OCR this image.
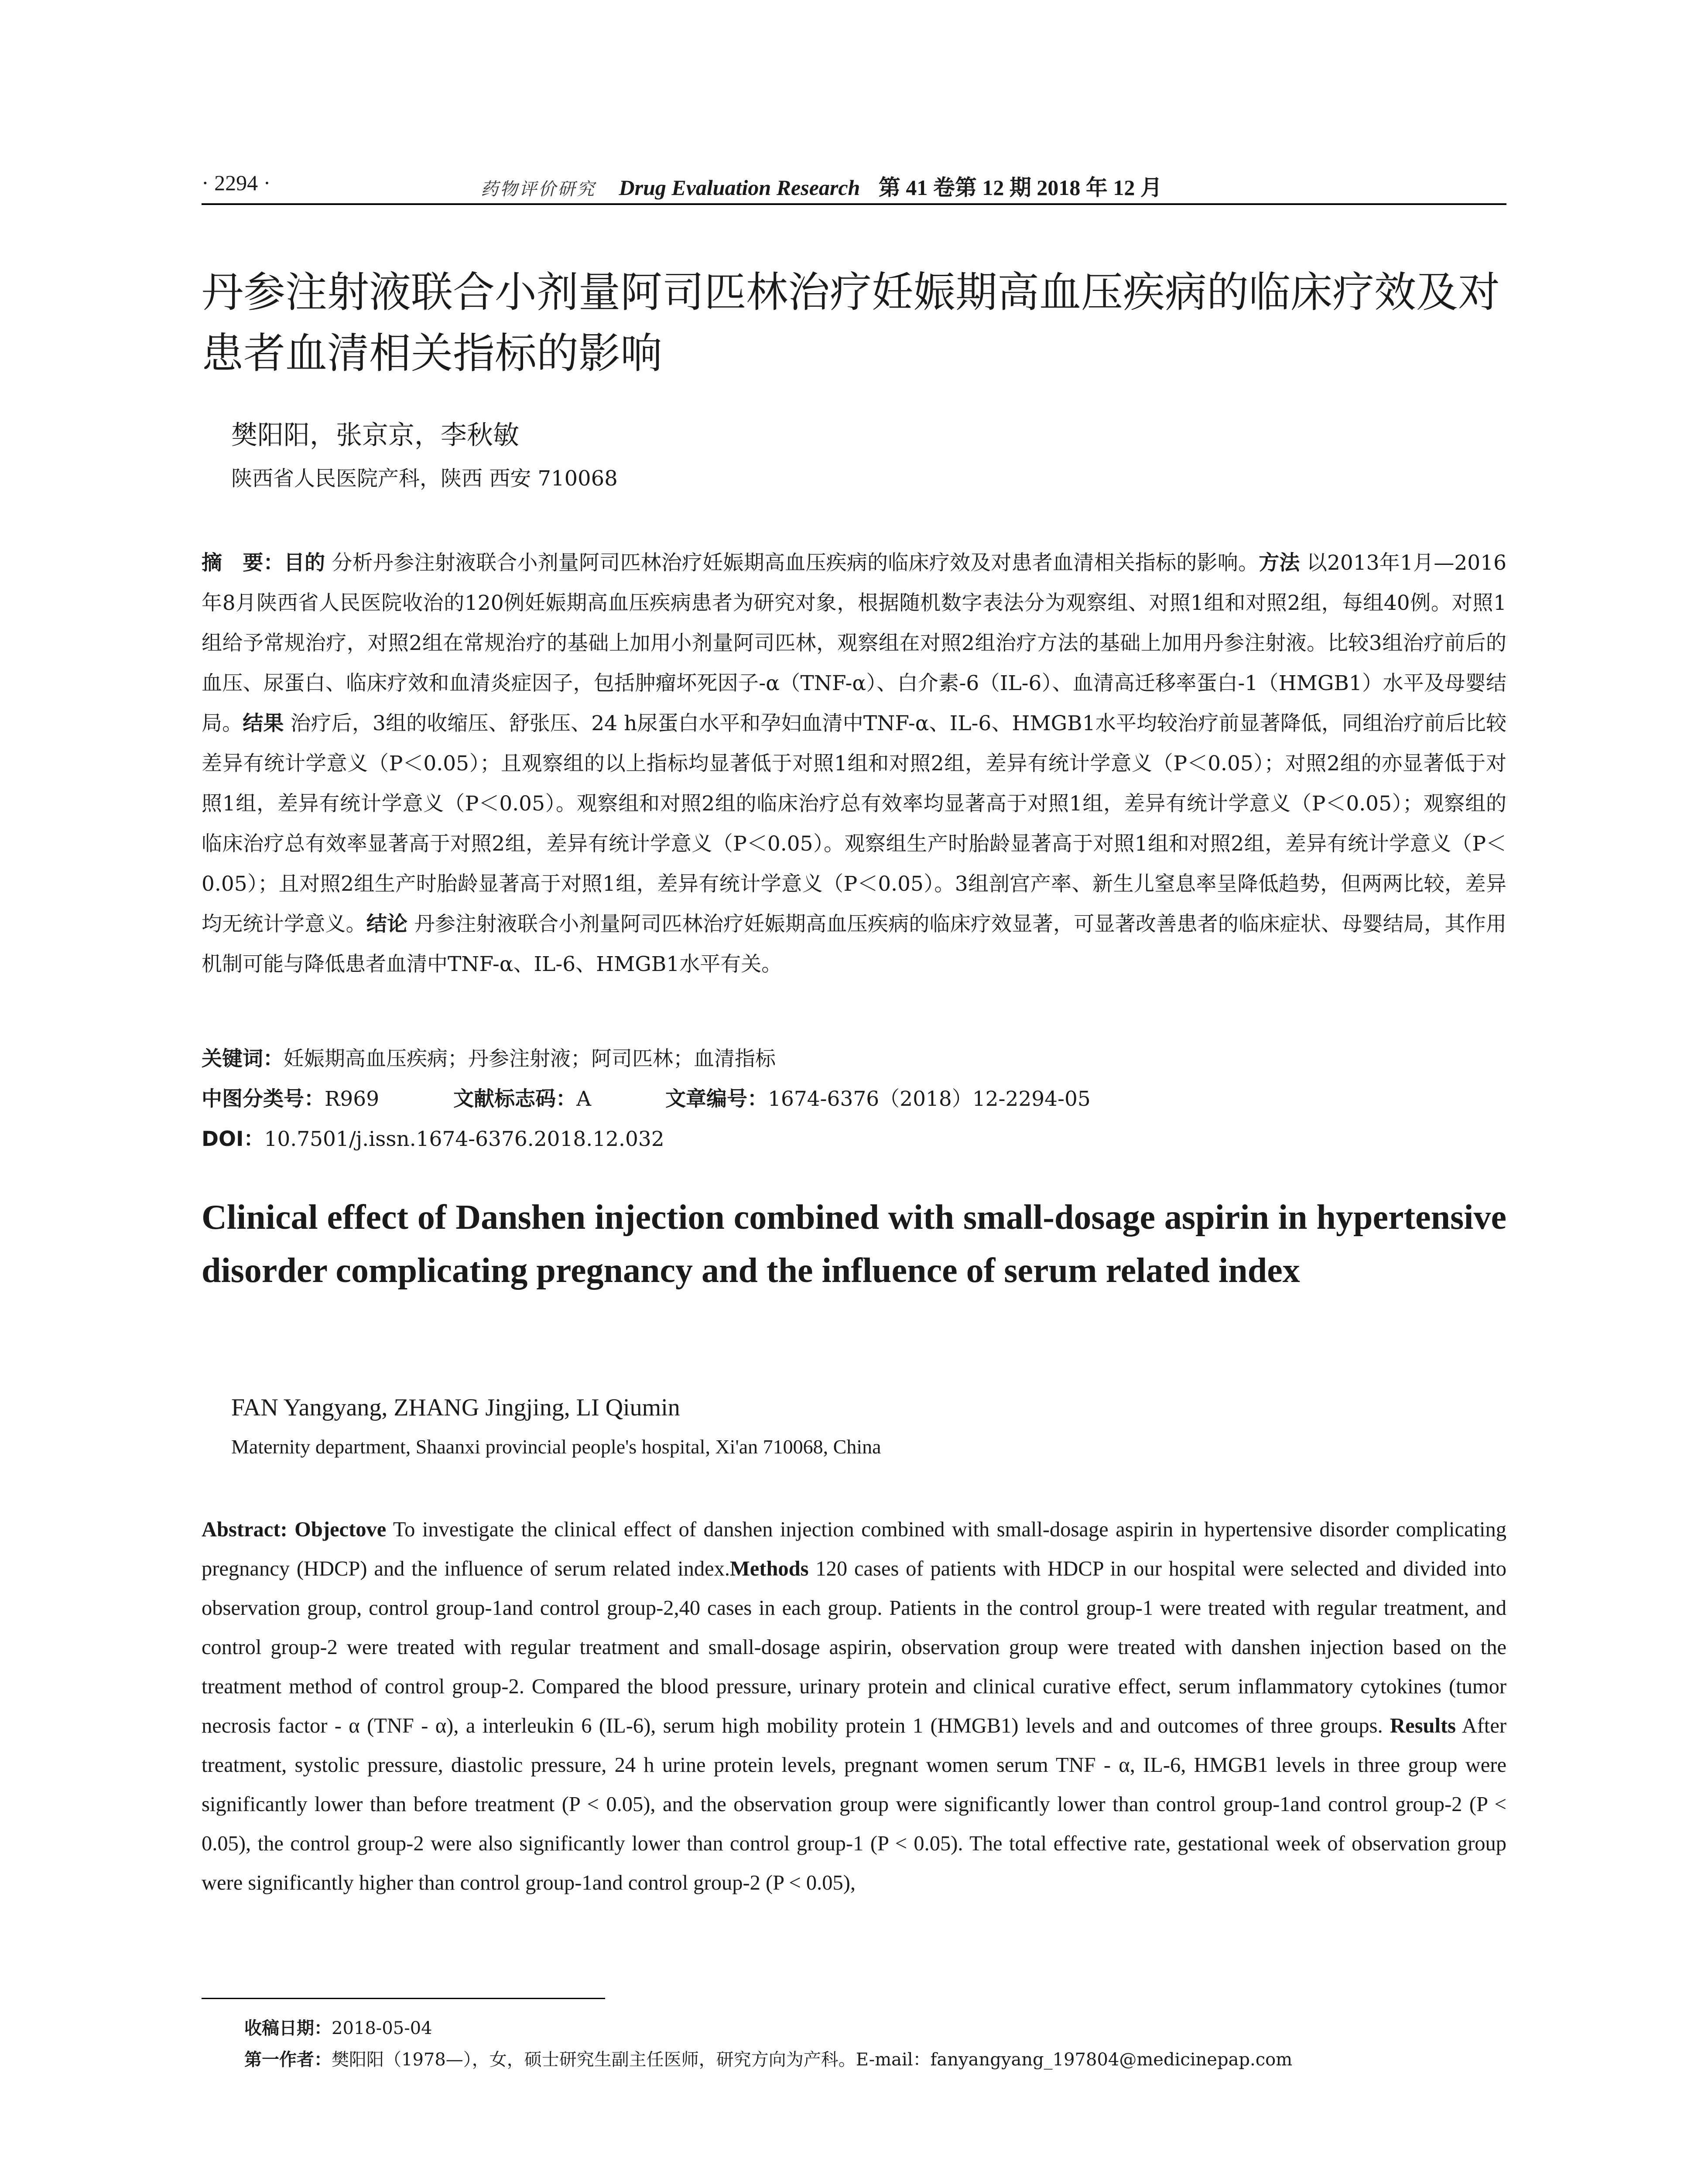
· 2294 ·	药物评价研究 Drug Evaluation Research 第 41 卷第 12 期 2018 年 12 月
丹参注射液联合小剂量阿司匹林治疗妊娠期高血压疾病的临床疗效及对患者血清相关指标的影响
樊阳阳，张京京，李秋敏
陕西省人民医院产科，陕西 西安 710068

摘　要：目的 分析丹参注射液联合小剂量阿司匹林治疗妊娠期高血压疾病的临床疗效及对患者血清相关指标的影响。方法 以2013年1月—2016年8月陕西省人民医院收治的120例妊娠期高血压疾病患者为研究对象，根据随机数字表法分为观察组、对照1组和对照2组，每组40例。对照1组给予常规治疗，对照2组在常规治疗的基础上加用小剂量阿司匹林，观察组在对照2组治疗方法的基础上加用丹参注射液。比较3组治疗前后的血压、尿蛋白、临床疗效和血清炎症因子，包括肿瘤坏死因子-α（TNF-α）、白介素-6（IL-6）、血清高迁移率蛋白-1（HMGB1）水平及母婴结局。结果 治疗后，3组的收缩压、舒张压、24 h尿蛋白水平和孕妇血清中TNF-α、IL-6、HMGB1水平均较治疗前显著降低，同组治疗前后比较差异有统计学意义（P＜0.05）；且观察组的以上指标均显著低于对照1组和对照2组，差异有统计学意义（P＜0.05）；对照2组的亦显著低于对照1组，差异有统计学意义（P＜0.05）。观察组和对照2组的临床治疗总有效率均显著高于对照1组，差异有统计学意义（P＜0.05）；观察组的临床治疗总有效率显著高于对照2组，差异有统计学意义（P＜0.05）。观察组生产时胎龄显著高于对照1组和对照2组，差异有统计学意义（P＜0.05）；且对照2组生产时胎龄显著高于对照1组，差异有统计学意义（P＜0.05）。3组剖宫产率、新生儿窒息率呈降低趋势，但两两比较，差异均无统计学意义。结论 丹参注射液联合小剂量阿司匹林治疗妊娠期高血压疾病的临床疗效显著，可显著改善患者的临床症状、母婴结局，其作用机制可能与降低患者血清中TNF-α、IL-6、HMGB1水平有关。

关键词：妊娠期高血压疾病；丹参注射液；阿司匹林；血清指标
中图分类号：R969	文献标志码：A	文章编号：1674-6376（2018）12-2294-05
DOI：10.7501/j.issn.1674-6376.2018.12.032
Clinical effect of Danshen injection combined with small-dosage aspirin in hypertensive disorder complicating pregnancy and the influence of serum related index
FAN Yangyang, ZHANG Jingjing, LI Qiumin
Maternity department, Shaanxi provincial people's hospital, Xi'an 710068, China

Abstract: Objectove To investigate the clinical effect of danshen injection combined with small-dosage aspirin in hypertensive disorder complicating pregnancy (HDCP) and the influence of serum related index.Methods 120 cases of patients with HDCP in our hospital were selected and divided into observation group, control group-1and control group-2,40 cases in each group. Patients in the control group-1 were treated with regular treatment, and control group-2 were treated with regular treatment and small-dosage aspirin, observation group were treated with danshen injection based on the treatment method of control group-2. Compared the blood pressure, urinary protein and clinical curative effect, serum inflammatory cytokines (tumor necrosis factor - α (TNF - α), a interleukin 6 (IL-6), serum high mobility protein 1 (HMGB1) levels and and outcomes of three groups. Results After treatment, systolic pressure, diastolic pressure, 24 h urine protein levels, pregnant women serum TNF - α, IL-6, HMGB1 levels in three group were significantly lower than before treatment (P < 0.05), and the observation group were significantly lower than control group-1and control group-2 (P < 0.05), the control group-2 were also significantly lower than control group-1 (P < 0.05). The total effective rate, gestational week of observation group were significantly higher than control group-1and control group-2 (P < 0.05),

收稿日期：2018-05-04
第一作者：樊阳阳（1978—），女，硕士研究生副主任医师，研究方向为产科。E-mail：fanyangyang_197804@medicinepap.com
